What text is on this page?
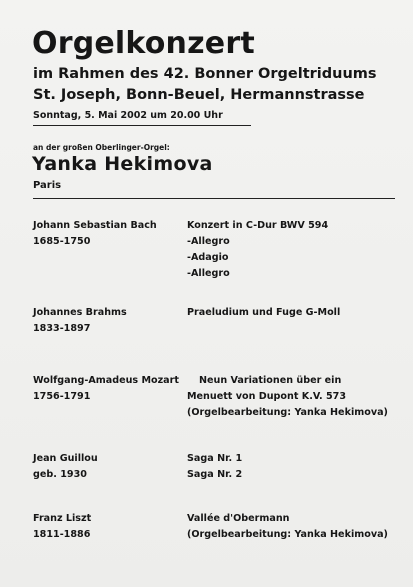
Orgelkonzert
im Rahmen des 42. Bonner Orgeltriduums
St. Joseph, Bonn-Beuel, Hermannstrasse
Sonntag, 5. Mai 2002 um 20.00 Uhr
an der großen Oberlinger-Orgel:
Yanka Hekimova
Paris
Johann Sebastian Bach
1685-1750
Konzert in C-Dur BWV 594
-Allegro
-Adagio
-Allegro
Johannes Brahms
1833-1897
Praeludium und Fuge G-Moll
Wolfgang-Amadeus Mozart
1756-1791
Neun Variationen über ein
Menuett von Dupont K.V. 573
(Orgelbearbeitung: Yanka Hekimova)
Jean Guillou
geb. 1930
Saga Nr. 1
Saga Nr. 2
Franz Liszt
1811-1886
Vallée d'Obermann
(Orgelbearbeitung: Yanka Hekimova)
